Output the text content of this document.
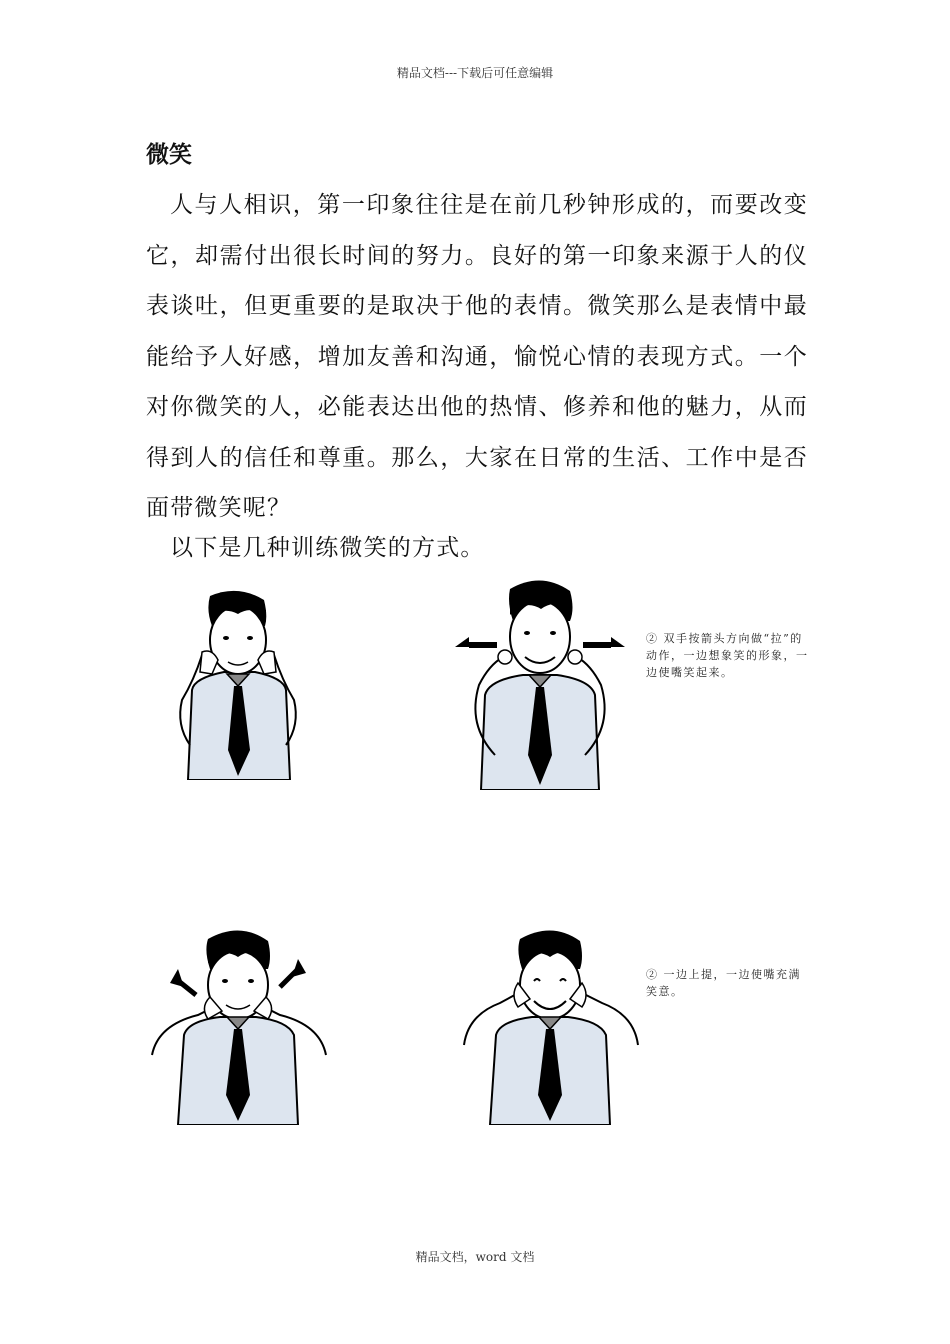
精品文档---下载后可任意编辑
微笑

人与人相识，第一印象往往是在前几秒钟形成的，而要改变它，却需付出很长时间的努力。良好的第一印象来源于人的仪表谈吐，但更重要的是取决于他的表情。微笑那么是表情中最能给予人好感，增加友善和沟通，愉悦心情的表现方式。一个对你微笑的人，必能表达出他的热情、修养和他的魅力，从而得到人的信任和尊重。那么，大家在日常的生活、工作中是否面带微笑呢？

以下是几种训练微笑的方式。

② 双手按箭头方向做“拉”的动作，一边想象笑的形象，一边使嘴笑起来。

② 一边上提，一边使嘴充满笑意。

精品文档，word 文档
